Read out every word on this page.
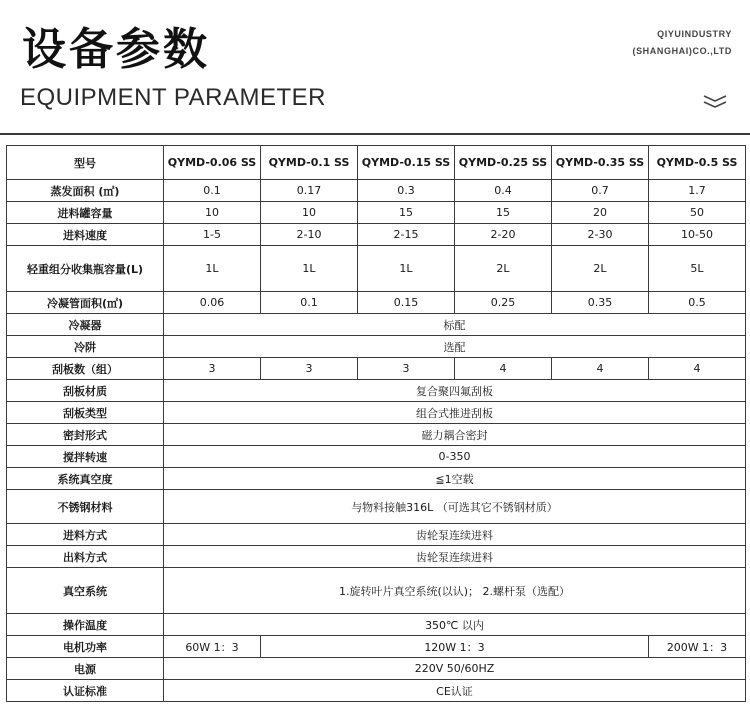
设备参数
EQUIPMENT PARAMETER
QIYUINDUSTRY
(SHANGHAI)CO.,LTD
型号	QYMD-0.06 SS	QYMD-0.1 SS	QYMD-0.15 SS	QYMD-0.25 SS	QYMD-0.35 SS	QYMD-0.5 SS
蒸发面积 (㎡)	0.1	0.17	0.3	0.4	0.7	1.7
进料罐容量	10	10	15	15	20	50
进料速度	1-5	2-10	2-15	2-20	2-30	10-50
轻重组分收集瓶容量(L)	1L	1L	1L	2L	2L	5L
冷凝管面积(㎡)	0.06	0.1	0.15	0.25	0.35	0.5
冷凝器	标配					
冷阱	选配					
刮板数（组）	3	3	3	4	4	4
刮板材质	复合聚四氟刮板					
刮板类型	组合式推进刮板					
密封形式	磁力耦合密封					
搅拌转速	0-350					
系统真空度	≦1空载					
不锈钢材料	与物料接触316L （可选其它不锈钢材质）					
进料方式	齿轮泵连续进料					
出料方式	齿轮泵连续进料					
真空系统	1.旋转叶片真空系统(以认)； 2.螺杆泵（选配）					
操作温度	350℃ 以内					
电机功率	60W 1：3	120W 1：3				200W 1：3
电源	220V 50/60HZ					
认证标准	CE认证					
